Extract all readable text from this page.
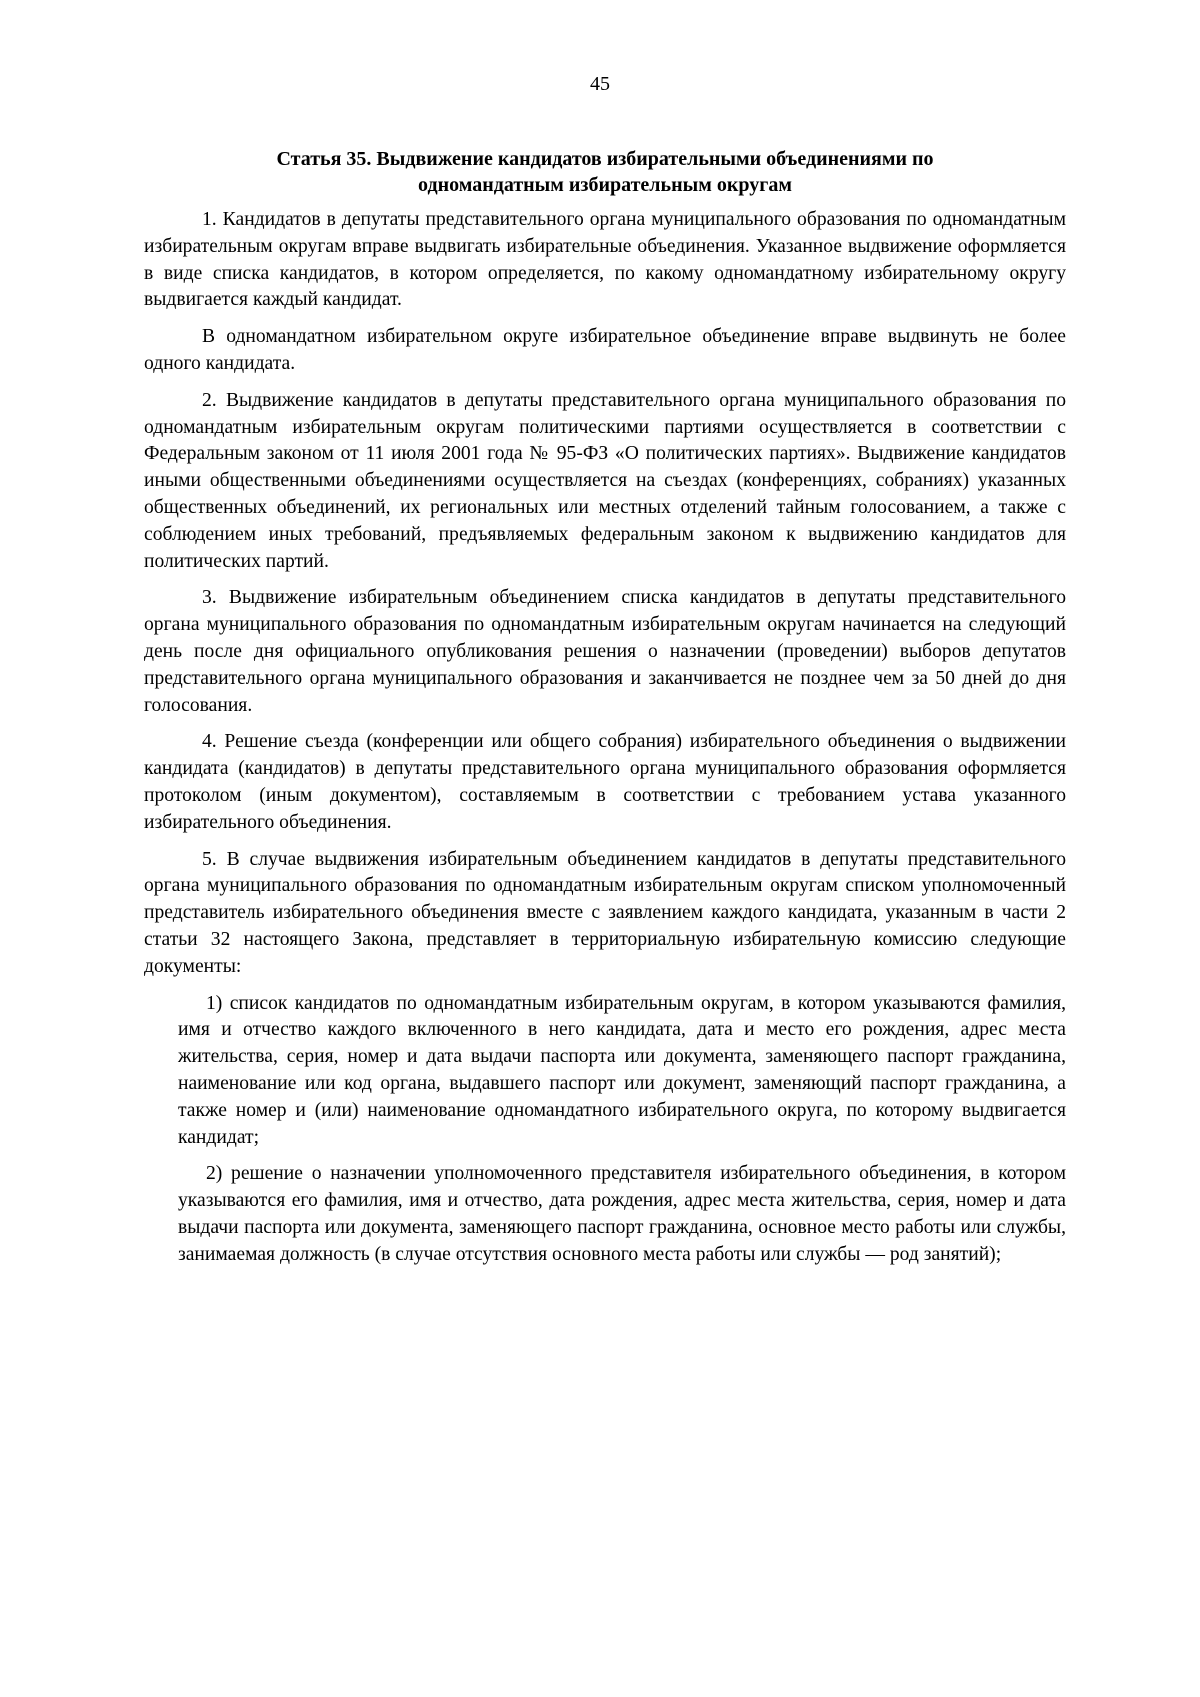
45
Статья 35. Выдвижение кандидатов избирательными объединениями по
одномандатным избирательным округам

1. Кандидатов в депутаты представительного органа муниципального образования по одномандатным избирательным округам вправе выдвигать избирательные объединения. Указанное выдвижение оформляется в виде списка кандидатов, в котором определяется, по какому одномандатному избирательному округу выдвигается каждый кандидат.

В одномандатном избирательном округе избирательное объединение вправе выдвинуть не более одного кандидата.

2. Выдвижение кандидатов в депутаты представительного органа муниципального образования по одномандатным избирательным округам политическими партиями осуществляется в соответствии с Федеральным законом от 11 июля 2001 года № 95-ФЗ «О политических партиях». Выдвижение кандидатов иными общественными объединениями осуществляется на съездах (конференциях, собраниях) указанных общественных объединений, их региональных или местных отделений тайным голосованием, а также с соблюдением иных требований, предъявляемых федеральным законом к выдвижению кандидатов для политических партий.

3. Выдвижение избирательным объединением списка кандидатов в депутаты представительного органа муниципального образования по одномандатным избирательным округам начинается на следующий день после дня официального опубликования решения о назначении (проведении) выборов депутатов представительного органа муниципального образования и заканчивается не позднее чем за 50 дней до дня голосования.

4. Решение съезда (конференции или общего собрания) избирательного объединения о выдвижении кандидата (кандидатов) в депутаты представительного органа муниципального образования оформляется протоколом (иным документом), составляемым в соответствии с требованием устава указанного избирательного объединения.

5. В случае выдвижения избирательным объединением кандидатов в депутаты представительного органа муниципального образования по одномандатным избирательным округам списком уполномоченный представитель избирательного объединения вместе с заявлением каждого кандидата, указанным в части 2 статьи 32 настоящего Закона, представляет в территориальную избирательную комиссию следующие документы:

1) список кандидатов по одномандатным избирательным округам, в котором указываются фамилия, имя и отчество каждого включенного в него кандидата, дата и место его рождения, адрес места жительства, серия, номер и дата выдачи паспорта или документа, заменяющего паспорт гражданина, наименование или код органа, выдавшего паспорт или документ, заменяющий паспорт гражданина, а также номер и (или) наименование одномандатного избирательного округа, по которому выдвигается кандидат;

2) решение о назначении уполномоченного представителя избирательного объединения, в котором указываются его фамилия, имя и отчество, дата рождения, адрес места жительства, серия, номер и дата выдачи паспорта или документа, заменяющего паспорт гражданина, основное место работы или службы, занимаемая должность (в случае отсутствия основного места работы или службы — род занятий);
